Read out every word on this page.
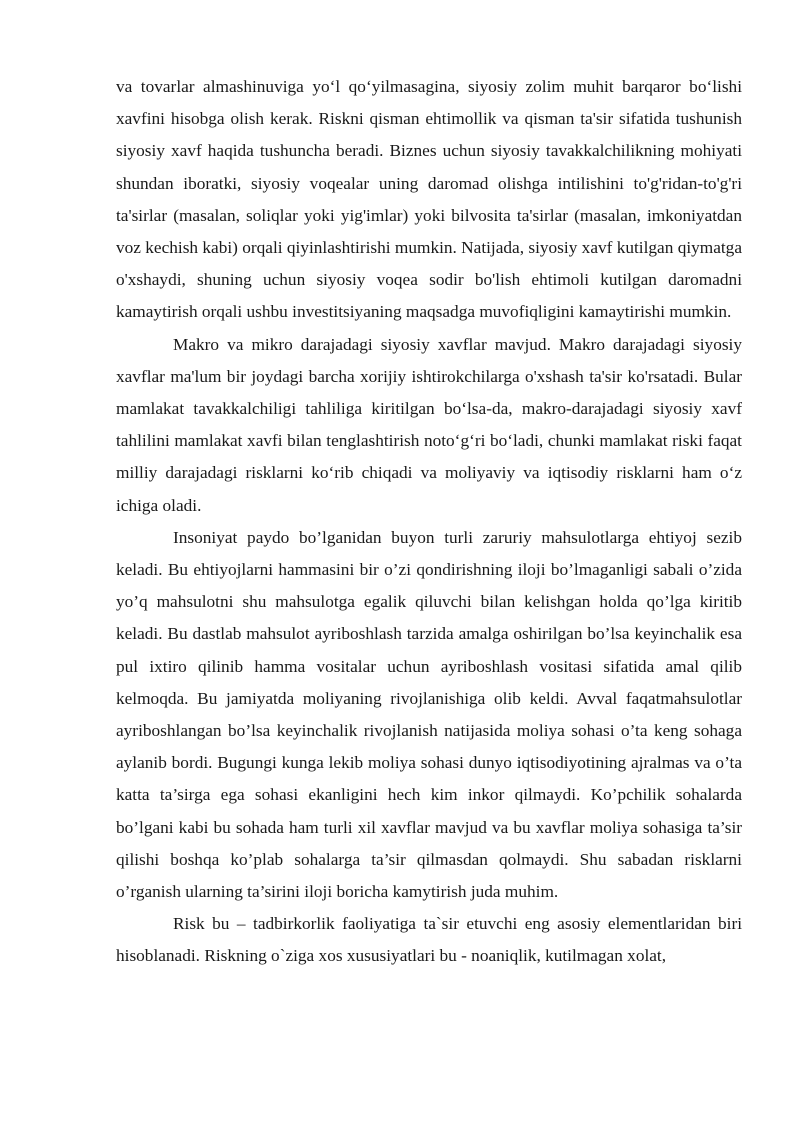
va tovarlar almashinuviga yo‘l qo‘yilmasagina, siyosiy zolim muhit barqaror bo‘lishi xavfini hisobga olish kerak. Riskni qisman ehtimollik va qisman ta'sir sifatida tushunish siyosiy xavf haqida tushuncha beradi. Biznes uchun siyosiy tavakkalchilikning mohiyati shundan iboratki, siyosiy voqealar uning daromad olishga intilishini to'g'ridan-to'g'ri ta'sirlar (masalan, soliqlar yoki yig'imlar) yoki bilvosita ta'sirlar (masalan, imkoniyatdan voz kechish kabi) orqali qiyinlashtirishi mumkin. Natijada, siyosiy xavf kutilgan qiymatga o'xshaydi, shuning uchun siyosiy voqea sodir bo'lish ehtimoli kutilgan daromadni kamaytirish orqali ushbu investitsiyaning maqsadga muvofiqligini kamaytirishi mumkin.

Makro va mikro darajadagi siyosiy xavflar mavjud. Makro darajadagi siyosiy xavflar ma'lum bir joydagi barcha xorijiy ishtirokchilarga o'xshash ta'sir ko'rsatadi. Bular mamlakat tavakkalchiligi tahliliga kiritilgan bo‘lsa-da, makro-darajadagi siyosiy xavf tahlilini mamlakat xavfi bilan tenglashtirish noto‘g‘ri bo‘ladi, chunki mamlakat riski faqat milliy darajadagi risklarni ko‘rib chiqadi va moliyaviy va iqtisodiy risklarni ham o‘z ichiga oladi.

Insoniyat paydo bo’lganidan buyon turli zaruriy mahsulotlarga ehtiyoj sezib keladi. Bu ehtiyojlarni hammasini bir o’zi qondirishning iloji bo’lmaganligi sabali o’zida yo’q mahsulotni shu mahsulotga egalik qiluvchi bilan kelishgan holda qo’lga kiritib keladi. Bu dastlab mahsulot ayriboshlash tarzida amalga oshirilgan bo’lsa keyinchalik esa pul ixtiro qilinib hamma vositalar uchun ayriboshlash vositasi sifatida amal qilib kelmoqda. Bu jamiyatda moliyaning rivojlanishiga olib keldi. Avval faqatmahsulotlar ayriboshlangan bo’lsa keyinchalik rivojlanish natijasida moliya sohasi o’ta keng sohaga aylanib bordi. Bugungi kunga lekib moliya sohasi dunyo iqtisodiyotining ajralmas va o’ta katta ta’sirga ega sohasi ekanligini hech kim inkor qilmaydi. Ko’pchilik sohalarda bo’lgani kabi bu sohada ham turli xil xavflar mavjud va bu xavflar moliya sohasiga ta’sir qilishi boshqa ko’plab sohalarga ta’sir qilmasdan qolmaydi. Shu sabadan risklarni o’rganish ularning ta’sirini iloji boricha kamytirish juda muhim.

Risk bu – tadbirkorlik faoliyatiga ta`sir etuvchi eng asosiy elementlaridan biri hisoblanadi. Riskning o`ziga xos xususiyatlari bu - noaniqlik, kutilmagan xolat,
